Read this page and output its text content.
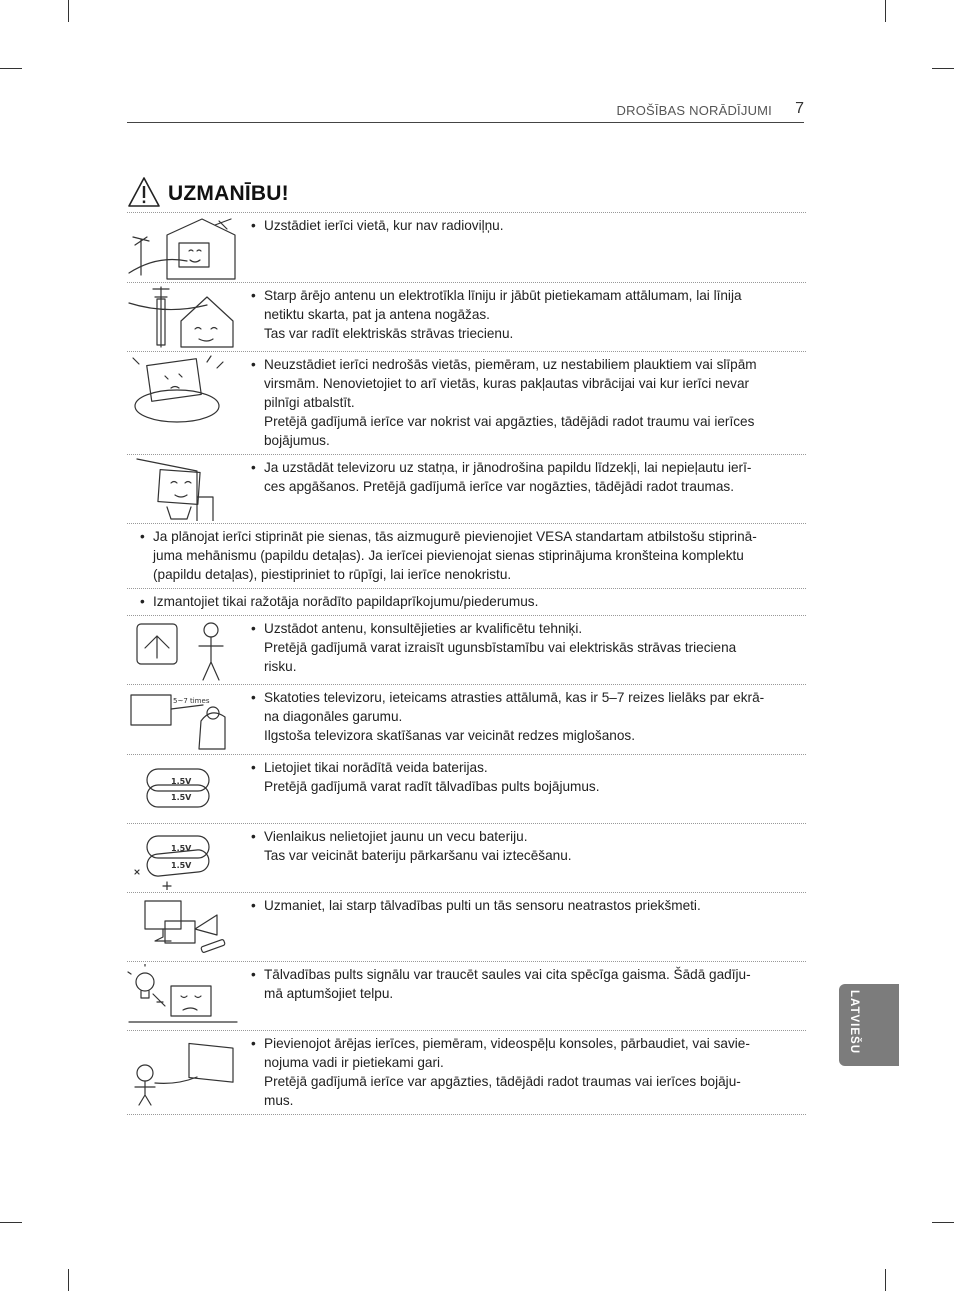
DROŠĪBAS NORĀDĪJUMI 7
UZMANĪBU!
•
Uzstādiet ierīci vietā, kur nav radioviļņu.
•
Starp ārējo antenu un elektrotīkla līniju ir jābūt pietiekamam attālumam, lai līnija
netiktu skarta, pat ja antena nogāžas.
Tas var radīt elektriskās strāvas triecienu.
•
Neuzstādiet ierīci nedrošās vietās, piemēram, uz nestabiliem plauktiem vai slīpām
virsmām. Nenovietojiet to arī vietās, kuras pakļautas vibrācijai vai kur ierīci nevar
pilnīgi atbalstīt.
Pretējā gadījumā ierīce var nokrist vai apgāzties, tādējādi radot traumu vai ierīces
bojājumus.
•
Ja uzstādāt televizoru uz statņa, ir jānodrošina papildu līdzekļi, lai nepieļautu ierī-
ces apgāšanos. Pretējā gadījumā ierīce var nogāzties, tādējādi radot traumas.
•
Ja plānojat ierīci stiprināt pie sienas, tās aizmugurē pievienojiet VESA standartam atbilstošu stiprinā-
juma mehānismu (papildu detaļas). Ja ierīcei pievienojat sienas stiprinājuma kronšteina komplektu
(papildu detaļas), piestipriniet to rūpīgi, lai ierīce nenokristu.
•
Izmantojiet tikai ražotāja norādīto papildaprīkojumu/piederumus.
•
Uzstādot antenu, konsultējieties ar kvalificētu tehniķi.
Pretējā gadījumā varat izraisīt ugunsbīstamību vai elektriskās strāvas trieciena
risku.
5~7 times
•	Skatoties televizoru, ieteicams atrasties attālumā, kas ir 5–7 reizes lielāks par ekrā-
na diagonāles garumu.
Ilgstoša televizora skatīšanas var veicināt redzes miglošanos.
1.5V
1.5V
•
Lietojiet tikai norādītā veida baterijas.
Pretējā gadījumā varat radīt tālvadības pults bojājumus.
1.5V
1.5V
•
Vienlaikus nelietojiet jaunu un vecu bateriju.
Tas var veicināt bateriju pārkaršanu vai iztecēšanu.
•
Uzmaniet, lai starp tālvadības pulti un tās sensoru neatrastos priekšmeti.
•
Tālvadības pults signālu var traucēt saules vai cita spēcīga gaisma. Šādā gadīju-
mā aptumšojiet telpu.
•
Pievienojot ārējas ierīces, piemēram, videospēļu konsoles, pārbaudiet, vai savie-
nojuma vadi ir pietiekami gari.
Pretējā gadījumā ierīce var apgāzties, tādējādi radot traumas vai ierīces bojāju-
mus.
LATVIEŠU
